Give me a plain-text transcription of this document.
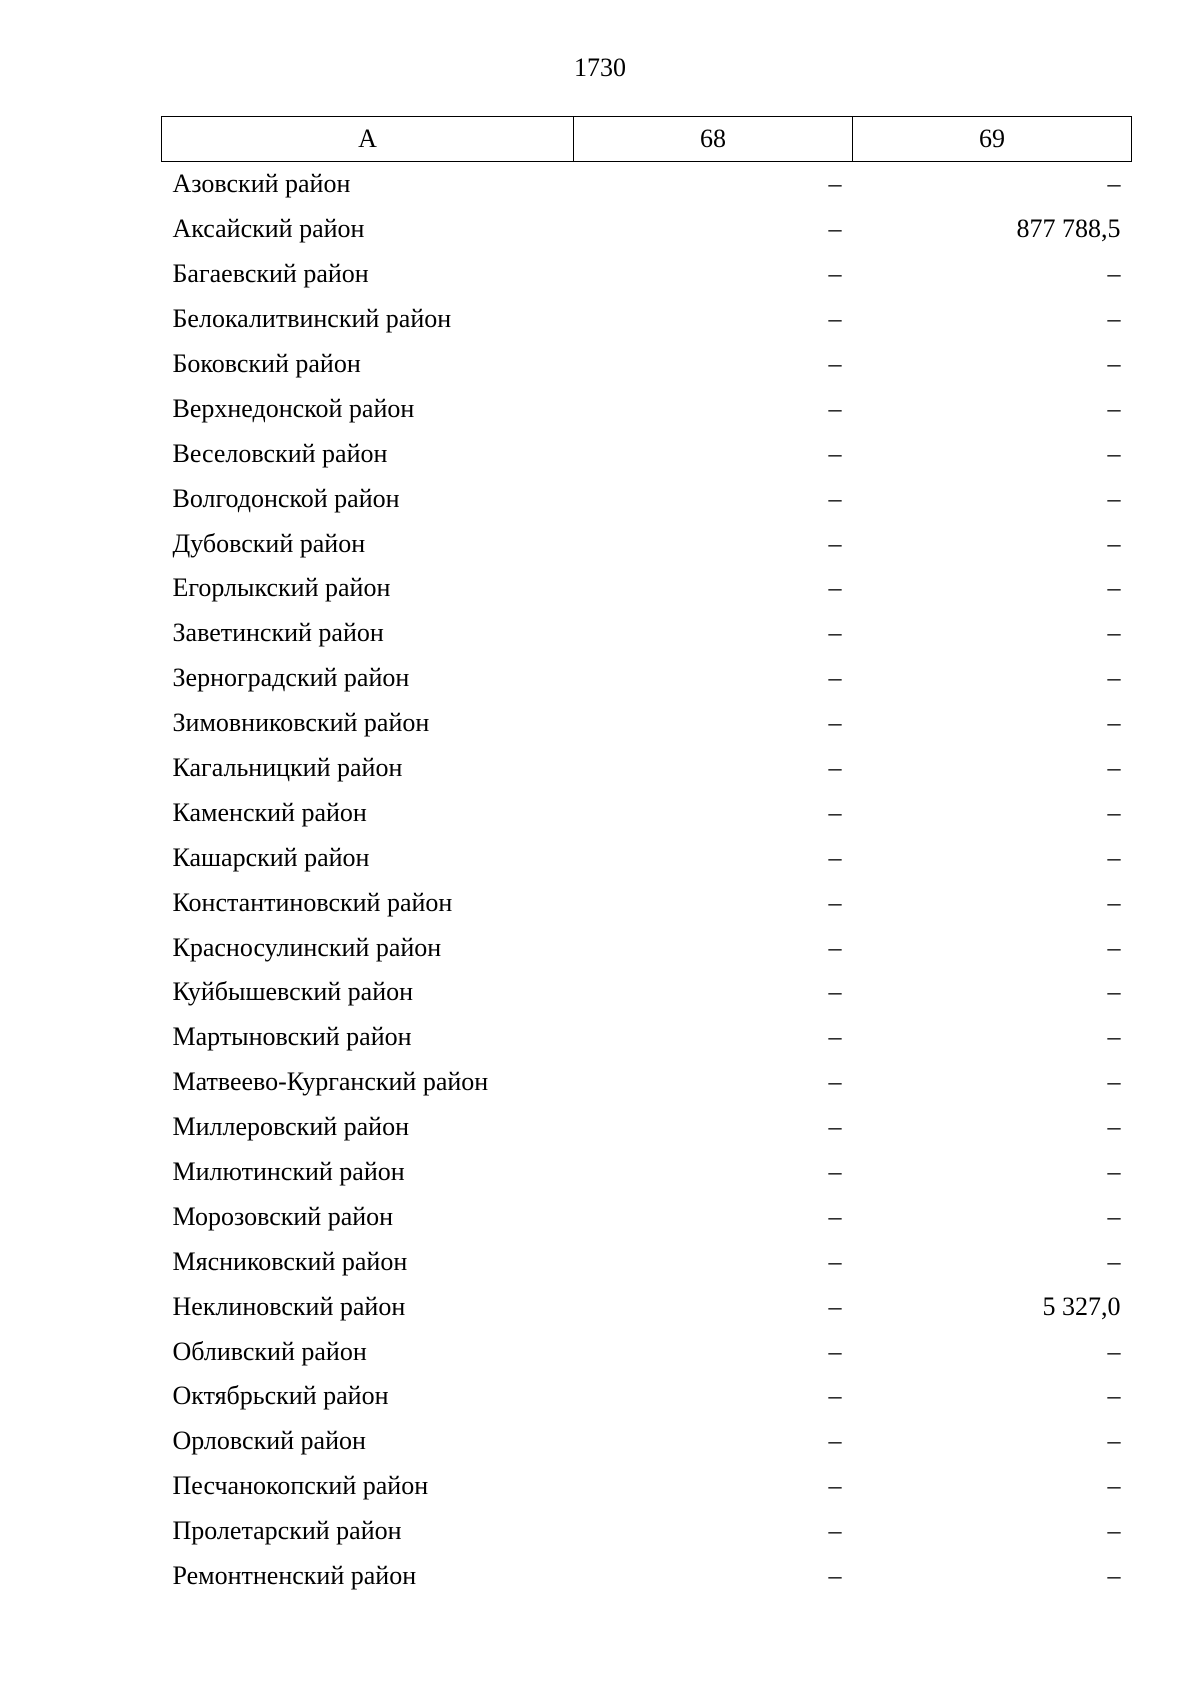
1730
А	68	69
Азовский район	–	–
Аксайский район	–	877 788,5
Багаевский район	–	–
Белокалитвинский район	–	–
Боковский район	–	–
Верхнедонской район	–	–
Веселовский район	–	–
Волгодонской район	–	–
Дубовский район	–	–
Егорлыкский район	–	–
Заветинский район	–	–
Зерноградский район	–	–
Зимовниковский район	–	–
Кагальницкий район	–	–
Каменский район	–	–
Кашарский район	–	–
Константиновский район	–	–
Красносулинский район	–	–
Куйбышевский район	–	–
Мартыновский район	–	–
Матвеево-Курганский район	–	–
Миллеровский район	–	–
Милютинский район	–	–
Морозовский район	–	–
Мясниковский район	–	–
Неклиновский район	–	5 327,0
Обливский район	–	–
Октябрьский район	–	–
Орловский район	–	–
Песчанокопский район	–	–
Пролетарский район	–	–
Ремонтненский район	–	–
